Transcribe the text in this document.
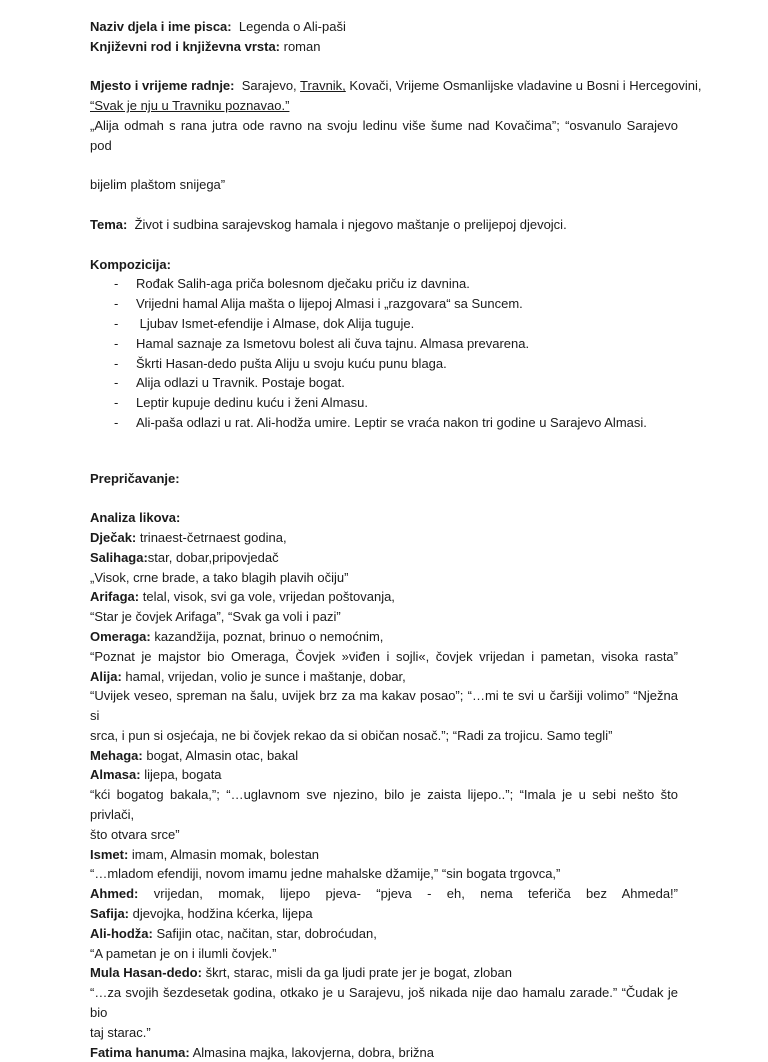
Naziv djela i ime pisca: Legenda o Ali-paši
Književni rod i književna vrsta: roman
Mjesto i vrijeme radnje: Sarajevo, Travnik, Kovači, Vrijeme Osmanlijske vladavine u Bosni i Hercegovini,
“Svak je nju u Travniku poznavao.”
„Alija odmah s rana jutra ode ravno na svoju ledinu više šume nad Kovačima”; “osvanulo Sarajevo pod
bijelim plaštom snijega”
Tema: Život i sudbina sarajevskog hamala i njegovo maštanje o prelijepoj djevojci.
Kompozicija:
- Rođak Salih-aga priča bolesnom dječaku priču iz davnina.
- Vrijedni hamal Alija mašta o lijepoj Almasi i „razgovara“ sa Suncem.
- Ljubav Ismet-efendije i Almase, dok Alija tuguje.
- Hamal saznaje za Ismetovu bolest ali čuva tajnu. Almasa prevarena.
- Škrti Hasan-dedo pušta Aliju u svoju kuću punu blaga.
- Alija odlazi u Travnik. Postaje bogat.
- Leptir kupuje dedinu kuću i ženi Almasu.
- Ali-paša odlazi u rat. Ali-hodža umire. Leptir se vraća nakon tri godine u Sarajevo Almasi.
Prepričavanje:
Analiza likova:
Dječak: trinaest-četrnaest godina,
Salihaga:star, dobar,pripovjedač
„Visok, crne brade, a tako blagih plavih očiju”
Arifaga: telal, visok, svi ga vole, vrijedan poštovanja,
“Star je čovjek Arifaga”, “Svak ga voli i pazi”
Omeraga: kazandžija, poznat, brinuo o nemoćnim,
“Poznat je majstor bio Omeraga, Čovjek »viđen i sojli«, čovjek vrijedan i pametan, visoka rasta”
Alija: hamal, vrijedan, volio je sunce i maštanje, dobar,
“Uvijek veseo, spreman na šalu, uvijek brz za ma kakav posao”; “…mi te svi u čaršiji volimo” “Nježna si
srca, i pun si osjećaja, ne bi čovjek rekao da si običan nosač.”; “Radi za trojicu. Samo tegli”
Mehaga: bogat, Almasin otac, bakal
Almasa: lijepa, bogata
“kći bogatog bakala,”; “…uglavnom sve njezino, bilo je zaista lijepo..”; “Imala je u sebi nešto što privlači,
što otvara srce”
Ismet: imam, Almasin momak, bolestan
“…mladom efendiji, novom imamu jedne mahalske džamije,” “sin bogata trgovca,”
Ahmed: vrijedan, momak, lijepo pjeva- “pjeva - eh, nema teferiča bez Ahmeda!”
Safija: djevojka, hodžina kćerka, lijepa
Ali-hodža: Safijin otac, načitan, star, dobroćudan,
“A pametan je on i ilumli čovjek.”
Mula Hasan-dedo: škrt, starac, misli da ga ljudi prate jer je bogat, zloban
“…za svojih šezdesetak godina, otkako je u Sarajevu, još nikada nije dao hamalu zarade.” “Čudak je bio
taj starac.”
Fatima hanuma: Almasina majka, lakovjerna, dobra, brižna
